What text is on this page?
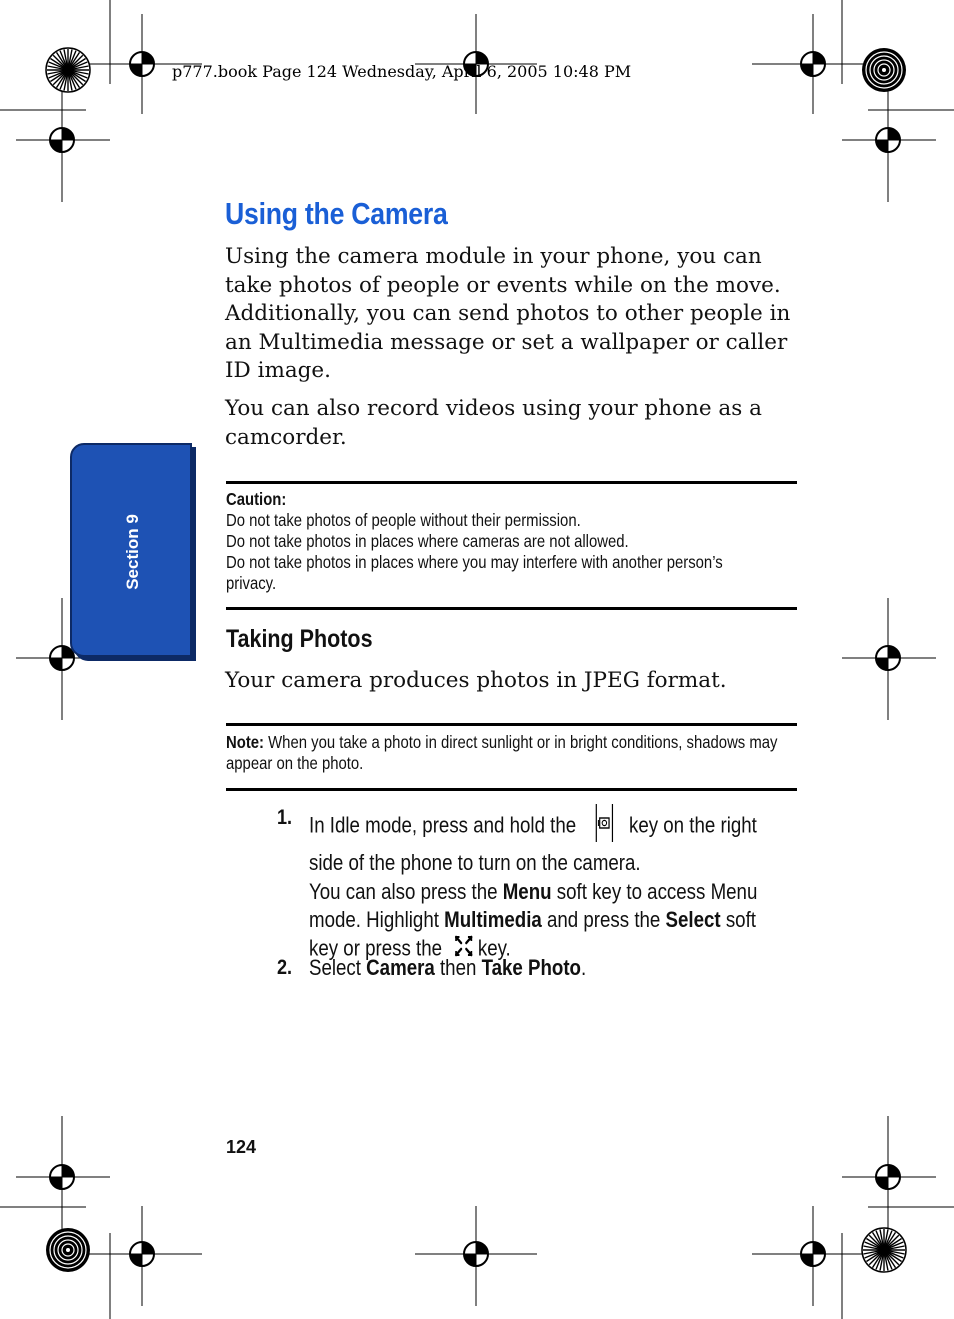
p777.book Page 124 Wednesday, April 6, 2005 10:48 PM
Section 9
Using the Camera
Using the camera module in your phone, you can take photos of people or events while on the move. Additionally, you can send photos to other people in an Multimedia message or set a wallpaper or caller ID image.
You can also record videos using your phone as a camcorder.
Caution:
Do not take photos of people without their permission.
Do not take photos in places where cameras are not allowed.
Do not take photos in places where you may interfere with another person’s privacy.
Taking Photos
Your camera produces photos in JPEG format.
Note: When you take a photo in direct sunlight or in bright conditions, shadows may appear on the photo.
1. In Idle mode, press and hold the key on the right side of the phone to turn on the camera.
You can also press the Menu soft key to access Menu mode. Highlight Multimedia and press the Select soft key or press the key.
2. Select Camera then Take Photo.
124
